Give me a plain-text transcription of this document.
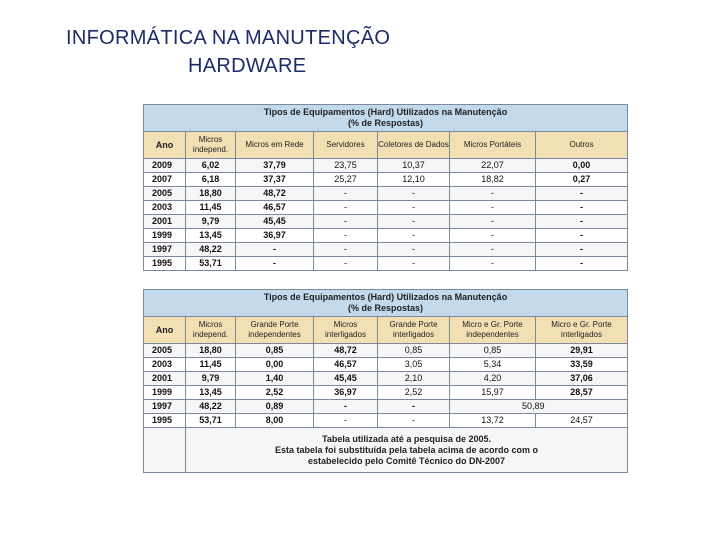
INFORMÁTICA NA MANUTENÇÃO
HARDWARE
Tipos de Equipamentos (Hard) Utilizados na Manutenção
(% de Respostas)						

Ano	Micros independ.	Micros em Rede	Servidores	Coletores de Dados	Micros Portáteis	Outros
2009	6,02	37,79	23,75	10,37	22,07	0,00
2007	6,18	37,37	25,27	12,10	18,82	0,27
2005	18,80	48,72	-	-	-	-
2003	11,45	46,57	-	-	-	-
2001	9,79	45,45	-	-	-	-
1999	13,45	36,97	-	-	-	-
1997	48,22	-	-	-	-	-
1995	53,71	-	-	-	-	-
Tipos de Equipamentos (Hard) Utilizados na Manutenção
(% de Respostas)						

Ano	Micros independ.	Grande Porte independentes	Micros interligados	Grande Porte interligados	Micro e Gr. Porte independentes	Micro e Gr. Porte interligados
2005	18,80	0,85	48,72	0,85	0,85	29,91
2003	11,45	0,00	46,57	3,05	5,34	33,59
2001	9,79	1,40	45,45	2,10	4,20	37,06
1999	13,45	2,52	36,97	2,52	15,97	28,57
1997	48,22	0,89	-	-	50,89	
1995	53,71	8,00	-	-	13,72	24,57

	Tabela utilizada até a pesquisa de 2005.
Esta tabela foi substituída pela tabela acima de acordo com o
estabelecido pelo Comitê Técnico do DN-2007					
